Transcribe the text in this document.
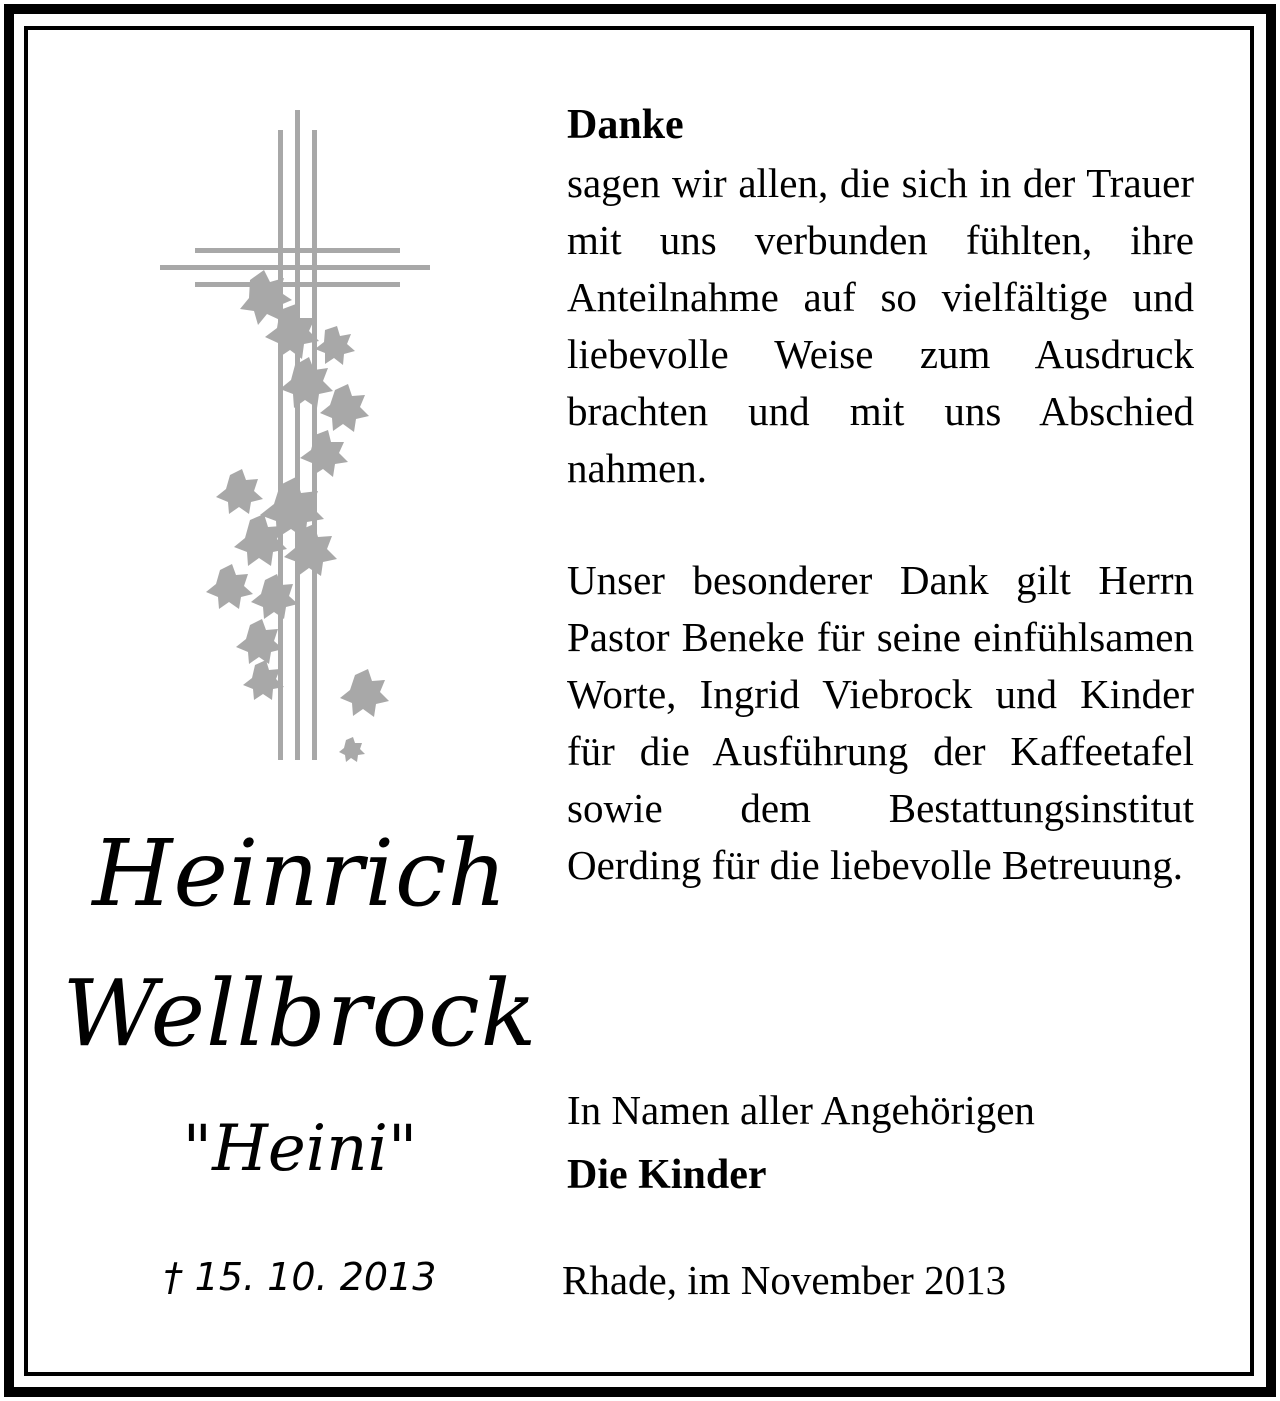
Heinrich
Wellbrock
"Heini"
† 15. 10. 2013
Danke
sagen wir allen, die sich in der Trauer mit uns verbunden fühlten, ihre Anteilnahme auf so vielfältige und liebevolle Weise zum Ausdruck brachten und mit uns Abschied nahmen.
Unser besonderer Dank gilt Herrn Pastor Beneke für seine einfühlsamen Worte, Ingrid Viebrock und Kinder für die Ausführung der Kaffeetafel sowie dem Bestattungsinstitut Oerding für die liebevolle Betreuung.
In Namen aller Angehörigen
Die Kinder
Rhade, im November 2013
